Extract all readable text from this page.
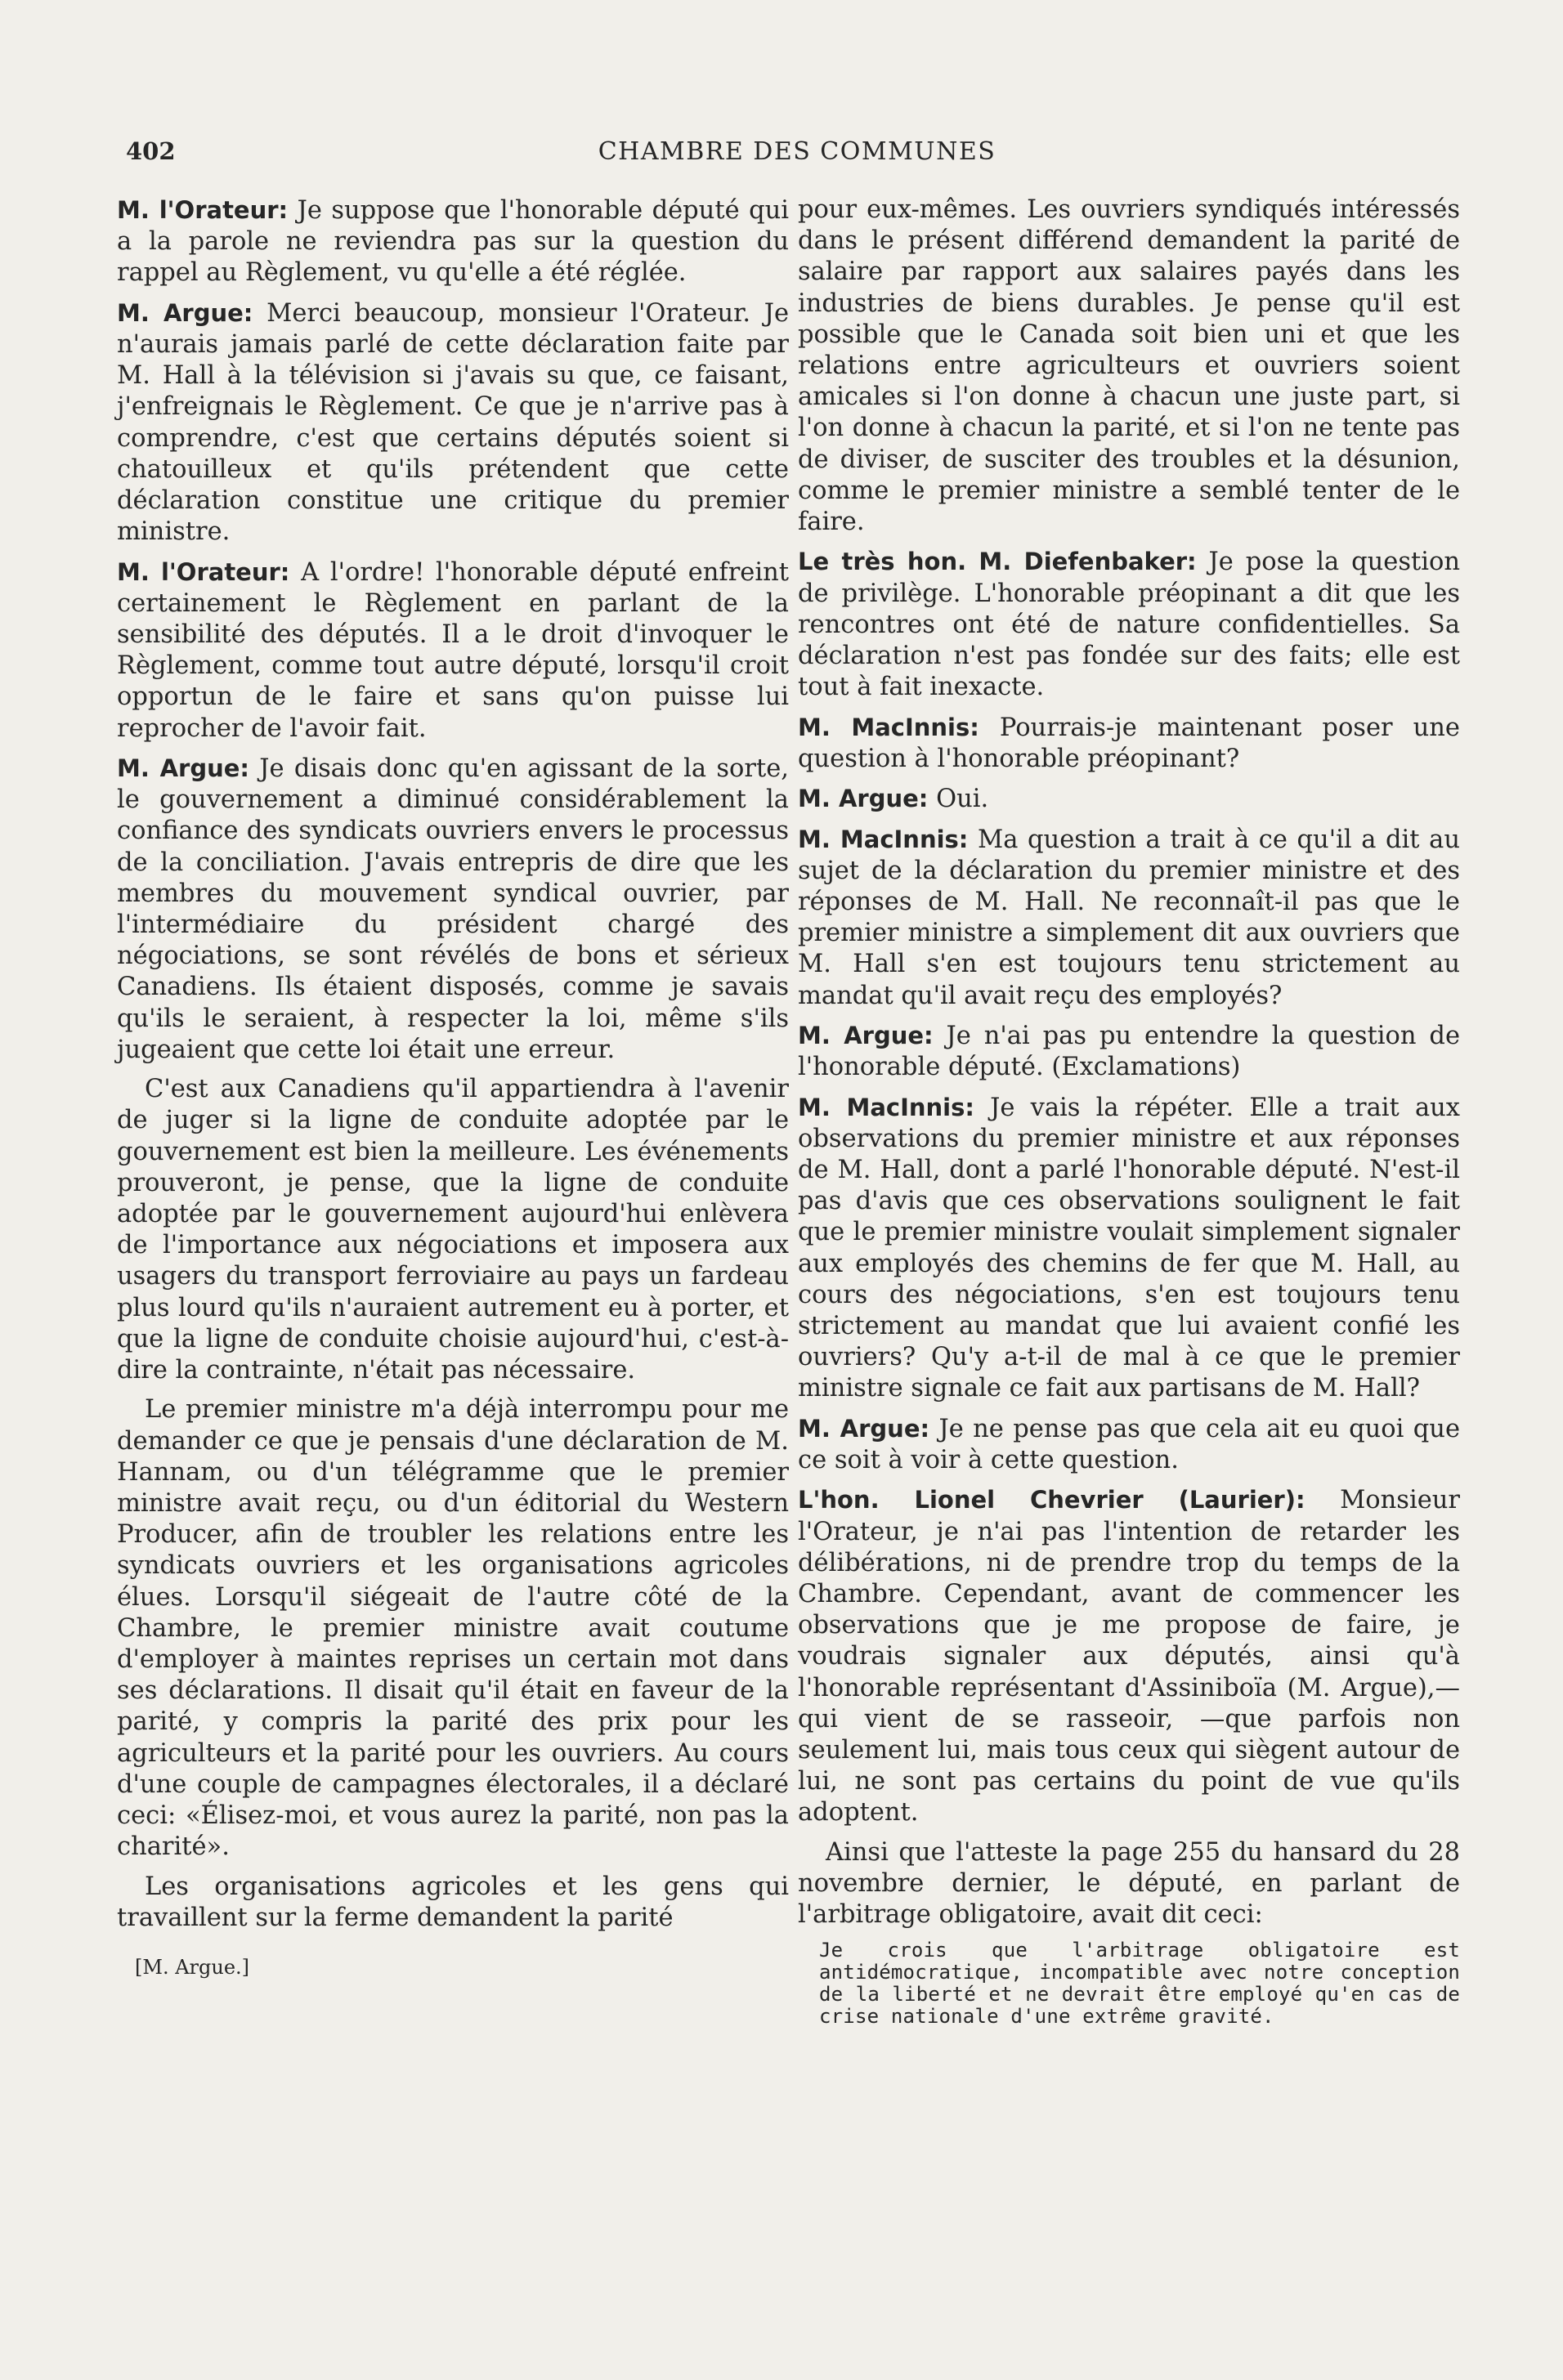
402	CHAMBRE DES COMMUNES

M. l'Orateur: Je suppose que l'honorable député qui a la parole ne reviendra pas sur la question du rappel au Règlement, vu qu'elle a été réglée.

M. Argue: Merci beaucoup, monsieur l'Orateur. Je n'aurais jamais parlé de cette déclaration faite par M. Hall à la télévision si j'avais su que, ce faisant, j'enfreignais le Règlement. Ce que je n'arrive pas à comprendre, c'est que certains députés soient si chatouilleux et qu'ils prétendent que cette déclaration constitue une critique du premier ministre.

M. l'Orateur: A l'ordre! l'honorable député enfreint certainement le Règlement en parlant de la sensibilité des députés. Il a le droit d'invoquer le Règlement, comme tout autre député, lorsqu'il croit opportun de le faire et sans qu'on puisse lui reprocher de l'avoir fait.

M. Argue: Je disais donc qu'en agissant de la sorte, le gouvernement a diminué considérablement la confiance des syndicats ouvriers envers le processus de la conciliation. J'avais entrepris de dire que les membres du mouvement syndical ouvrier, par l'intermédiaire du président chargé des négociations, se sont révélés de bons et sérieux Canadiens. Ils étaient disposés, comme je savais qu'ils le seraient, à respecter la loi, même s'ils jugeaient que cette loi était une erreur.

C'est aux Canadiens qu'il appartiendra à l'avenir de juger si la ligne de conduite adoptée par le gouvernement est bien la meilleure. Les événements prouveront, je pense, que la ligne de conduite adoptée par le gouvernement aujourd'hui enlèvera de l'importance aux négociations et imposera aux usagers du transport ferroviaire au pays un fardeau plus lourd qu'ils n'auraient autrement eu à porter, et que la ligne de conduite choisie aujourd'hui, c'est-à-dire la contrainte, n'était pas nécessaire.

Le premier ministre m'a déjà interrompu pour me demander ce que je pensais d'une déclaration de M. Hannam, ou d'un télégramme que le premier ministre avait reçu, ou d'un éditorial du Western Producer, afin de troubler les relations entre les syndicats ouvriers et les organisations agricoles élues. Lorsqu'il siégeait de l'autre côté de la Chambre, le premier ministre avait coutume d'employer à maintes reprises un certain mot dans ses déclarations. Il disait qu'il était en faveur de la parité, y compris la parité des prix pour les agriculteurs et la parité pour les ouvriers. Au cours d'une couple de campagnes électorales, il a déclaré ceci: «Élisez-moi, et vous aurez la parité, non pas la charité».

Les organisations agricoles et les gens qui travaillent sur la ferme demandent la parité

[M. Argue.]

pour eux-mêmes. Les ouvriers syndiqués intéressés dans le présent différend demandent la parité de salaire par rapport aux salaires payés dans les industries de biens durables. Je pense qu'il est possible que le Canada soit bien uni et que les relations entre agriculteurs et ouvriers soient amicales si l'on donne à chacun une juste part, si l'on donne à chacun la parité, et si l'on ne tente pas de diviser, de susciter des troubles et la désunion, comme le premier ministre a semblé tenter de le faire.

Le très hon. M. Diefenbaker: Je pose la question de privilège. L'honorable préopinant a dit que les rencontres ont été de nature confidentielles. Sa déclaration n'est pas fondée sur des faits; elle est tout à fait inexacte.

M. MacInnis: Pourrais-je maintenant poser une question à l'honorable préopinant?

M. Argue: Oui.

M. MacInnis: Ma question a trait à ce qu'il a dit au sujet de la déclaration du premier ministre et des réponses de M. Hall. Ne reconnaît-il pas que le premier ministre a simplement dit aux ouvriers que M. Hall s'en est toujours tenu strictement au mandat qu'il avait reçu des employés?

M. Argue: Je n'ai pas pu entendre la question de l'honorable député. (Exclamations)

M. MacInnis: Je vais la répéter. Elle a trait aux observations du premier ministre et aux réponses de M. Hall, dont a parlé l'honorable député. N'est-il pas d'avis que ces observations soulignent le fait que le premier ministre voulait simplement signaler aux employés des chemins de fer que M. Hall, au cours des négociations, s'en est toujours tenu strictement au mandat que lui avaient confié les ouvriers? Qu'y a-t-il de mal à ce que le premier ministre signale ce fait aux partisans de M. Hall?

M. Argue: Je ne pense pas que cela ait eu quoi que ce soit à voir à cette question.

L'hon. Lionel Chevrier (Laurier): Monsieur l'Orateur, je n'ai pas l'intention de retarder les délibérations, ni de prendre trop du temps de la Chambre. Cependant, avant de commencer les observations que je me propose de faire, je voudrais signaler aux députés, ainsi qu'à l'honorable représentant d'Assiniboïa (M. Argue),—qui vient de se rasseoir, —que parfois non seulement lui, mais tous ceux qui siègent autour de lui, ne sont pas certains du point de vue qu'ils adoptent.

Ainsi que l'atteste la page 255 du hansard du 28 novembre dernier, le député, en parlant de l'arbitrage obligatoire, avait dit ceci:

Je crois que l'arbitrage obligatoire est antidémocratique, incompatible avec notre conception de la liberté et ne devrait être employé qu'en cas de crise nationale d'une extrême gravité.
